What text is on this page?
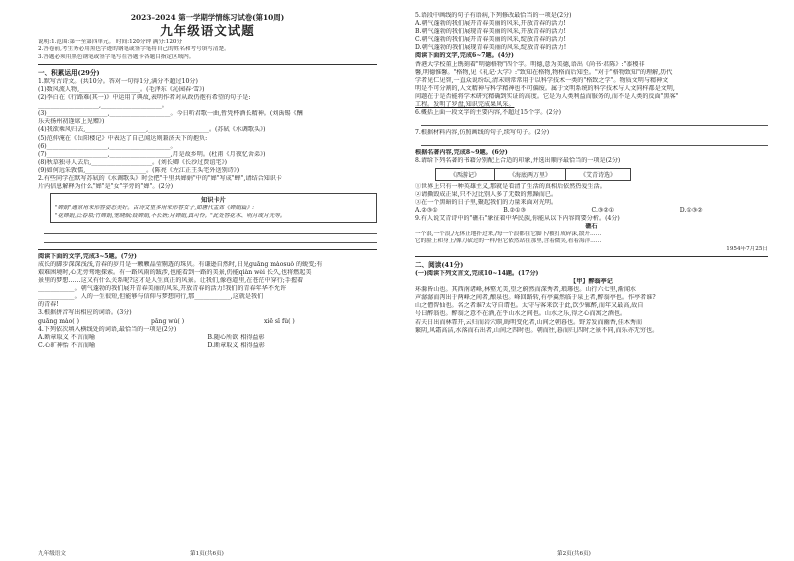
2023–2024 第一学期学情练习试卷(第10周)
九年级语文试题
说明:1.范围:第一至第四单元。 时间:120分钟 满分:120分
2.答卷前,考生务必用黑色字迹的钢笔或签字笔将自己的姓名和考号填写清楚。
3.答题必须用黑色钢笔或签字笔写在答题卡各题目指定区域内。
一、积累运用(29分)
1.默写古诗文。(共10分。答对一句得1分,满分不超过10分)
(1)数风流人物,____________________。(毛泽东《沁园春·雪》)
(2)李白在《行路难(其一)》中运用了典故,表明作者对从政仍抱有希望的句子是:
____________________,____________________。
(3)____________________,____________________。今日听君歌一曲,暂凭杯酒长精神。(刘禹锡《酬
乐天扬州初逢席上见赠》)
(4)我欲乘风归去,____________________,____________________。(苏轼《水调歌头》)
(5)范仲淹在《岳阳楼记》中表达了自己闻达则兼济天下的抱负:
(6)____________________,____________________。
(7)____________________,____________________,月是故乡明。(杜甫《月夜忆舍弟》)
(8)秋草独寻人去后,____________________。(刘长卿《长沙过贾谊宅》)
(9)如何远朱敦儒,____________________。(陈亮《左江正王头宅外送别诗》)
2.有些同学在默写苏轼的《水调歌头》时会把"千里共婵娟"中的"婵"写成"蝉",请结合知识卡
片内信息解释为什么"婵"是"女"字旁的"婵"。(2分)
知识卡片
"婵娟"通常用来形容姿态美好。古诗文里多用来形容女子,如唐代孟郊《婵娟篇》:
"花婵娟,泛春泉;竹婵娟,笼晓烟;妓婵娟,不长妍;月婵娟,真可怜。"此处容花木、明月或月光等。
阅读下面的文字,完成3~5题。(7分)
成长的脚步深深浅浅,青春的岁月是一颗颗晶莹剔透的珠贝。有谦逊自然时,日见guāng màosuǒ 的蜕变;有
艰难困境时,心无旁骛地探索。有一路风雨的跋涉,也能看到一路的美景,仍能qiàn wèi 长久,也将燃起美
景里的梦想……这又有什么关系呢?这才是人生真正的风景。让我们,像巷道里,在苍茫中穿行;手握着
____________。朝气蓬勃的我们展开青春美丽的风采,开放青春的活力!我们的青春年华不允许
____________。人的一生很短,但能够与信仰与梦想同行,那____________,这就是我们
的青春!
3.根据拼音写出相应的词语。(3分)
guāng mào( )	pāng wú( )	xiē sī fǔ( )
4.下列依次填入横线处的词语,最恰当的一项是(2分)
A.断章取义 不言而喻	B.随心所欲 相得益彰
C.心旷神怡 不言而喻	D.断章取义 相得益彰
九年级语文	第1页(共6页)
5.语段中画线的句子有语病,下列修改最恰当的一项是(2分)
A.朝气蓬勃的我们展开青春美丽的风采,开放青春的活力!
B.朝气蓬勃的我们展现青春美丽的风采,开放青春的活力!
C.朝气蓬勃的我们展开青春美丽的风采,绽放青春的活力!
D.朝气蓬勃的我们展现青春美丽的风采,绽放青春的活力!
阅读下面的文字,完成6~7题。(4分)
香港大学校董上镌刻着"明德格物"四个字。明德,意为美德,语出《尚书·君陈》:"黍稷非
馨,明德惟馨。"格物,见《礼记·大学》:"致知在格物,物格而后知至。"对于"格物致知"的理解,历代
学者见仁见智,一直众说纷纭,清末则常常用于以科学技术一类的"格致之学"。物质文明与精神文
明是不可分割的,人文精神与科学精神也不可偏废。属于文明系统的科学技术与人文同样都是文明,
问题在于是否能将学术研究精确到实证的高度。它是为人类利益而服务的,而不是人类的反面"黑客"
工程。发明了罗盘,知识完成果风采。
6.概括上面一段文字的主要内容,不超过15个字。(2分)
7.根据材料内容,仿照画线的句子,续写句子。(2分)
根据名著内容,完成8~9题。(6分)
8.请给下列名著的书籍分别配上合适的印象,并选出顺序最恰当的一项是(2分)
《西游记》	《海底两万里》	《艾青诗选》
①世界上只有一种英雄主义,那就是看清了生活的真相后依然热爱生活。
②请撕毁成正果,只不过比别人多了无数的焦躁而已。
③在一个黑暗的日子里,聚起我们的力量来面对光明。
A.②③①	B.②①③	C.③②①	D.①③②
9.有人说艾青诗中的"礁石"象征着中华民族,你能从以下内容简要分析。(4分)
礁石
一个浪,一个浪,/无休止地扑过来,/每一个浪都在它脚下/被打成碎沫,散开……
它的脸上和身上/像刀砍过的一样/但它依然站在那里,含着微笑,看着海洋……
1954年7月25日
二、阅读(41分)
(一)阅读下列文言文,完成10~14题。(17分)
【甲】醉翁亭记
环滁皆山也。其西南诸峰,林壑尤美,望之蔚然而深秀者,琅琊也。山行六七里,渐闻水
声潺潺而泻出于两峰之间者,酿泉也。峰回路转,有亭翼然临于泉上者,醉翁亭也。作亭者谁?
山之僧智仙也。名之者谁?太守自谓也。太守与客来饮于此,饮少辄醉,而年又最高,故自
号曰醉翁也。醉翁之意不在酒,在乎山水之间也。山水之乐,得之心而寓之酒也。
若夫日出而林霏开,云归而岩穴暝,晦明变化者,山间之朝暮也。野芳发而幽香,佳木秀而
繁阴,风霜高洁,水落而石出者,山间之四时也。朝而往,暮而归,四时之景不同,而乐亦无穷也。
第2页(共6页)
